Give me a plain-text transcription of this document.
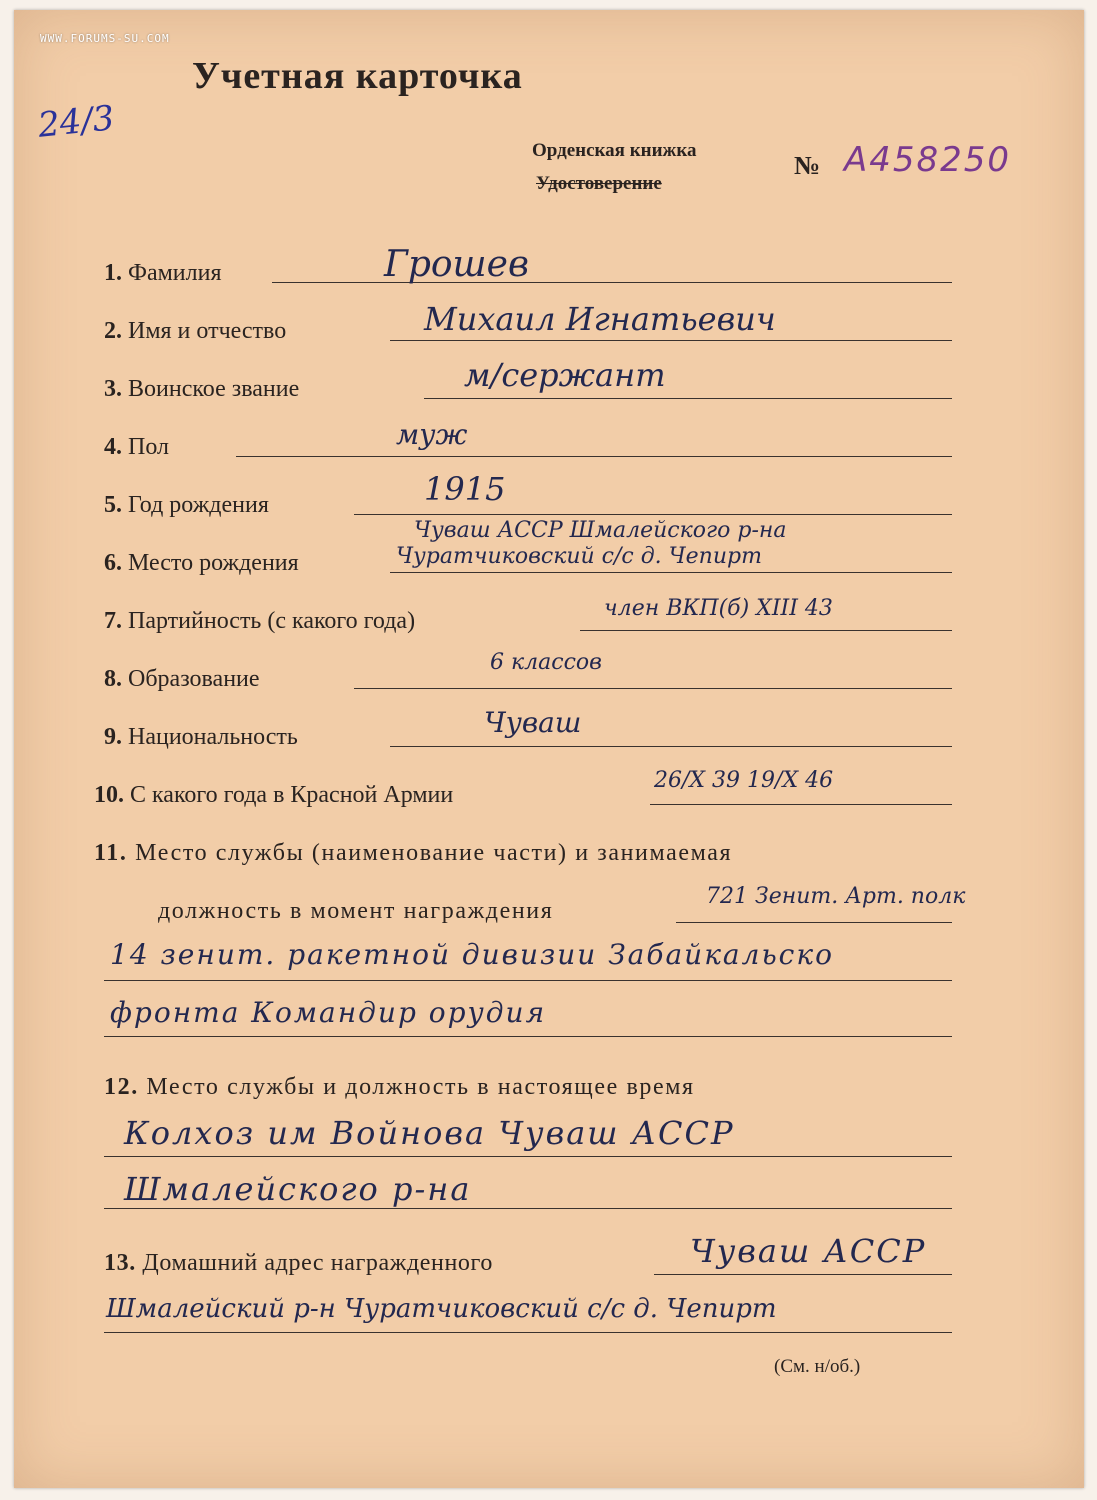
WWW.FORUMS-SU.COM
Учетная карточка
24/3
Орденская книжка
Удостоверение
№ А458250
1. Фамилия	Грошев
2. Имя и отчество	Михаил Игнатьевич
3. Воинское звание	м/сержант
4. Пол	муж
5. Год рождения	1915
Чуваш АССР Шмалейского р-на
6. Место рождения	Чуратчиковский с/с д. Чепирт
7. Партийность (с какого года)	член ВКП(б) XIII 43
8. Образование
6 классов
9. Национальность	Чуваш
10. С какого года в Красной Армии
26/X 39 19/X 46
11. Место службы (наименование части) и занимаемая
должность в момент награждения
721 Зенит. Арт. полк
14 зенит. ракетной дивизии Забайкальско
фронта Командир орудия
12. Место службы и должность в настоящее время
Колхоз им Войнова Чуваш АССР
Шмалейского р-на
13. Домашний адрес награжденного	Чуваш АССР
Шмалейский р-н Чуратчиковский с/с д. Чепирт
(См. н/об.)
